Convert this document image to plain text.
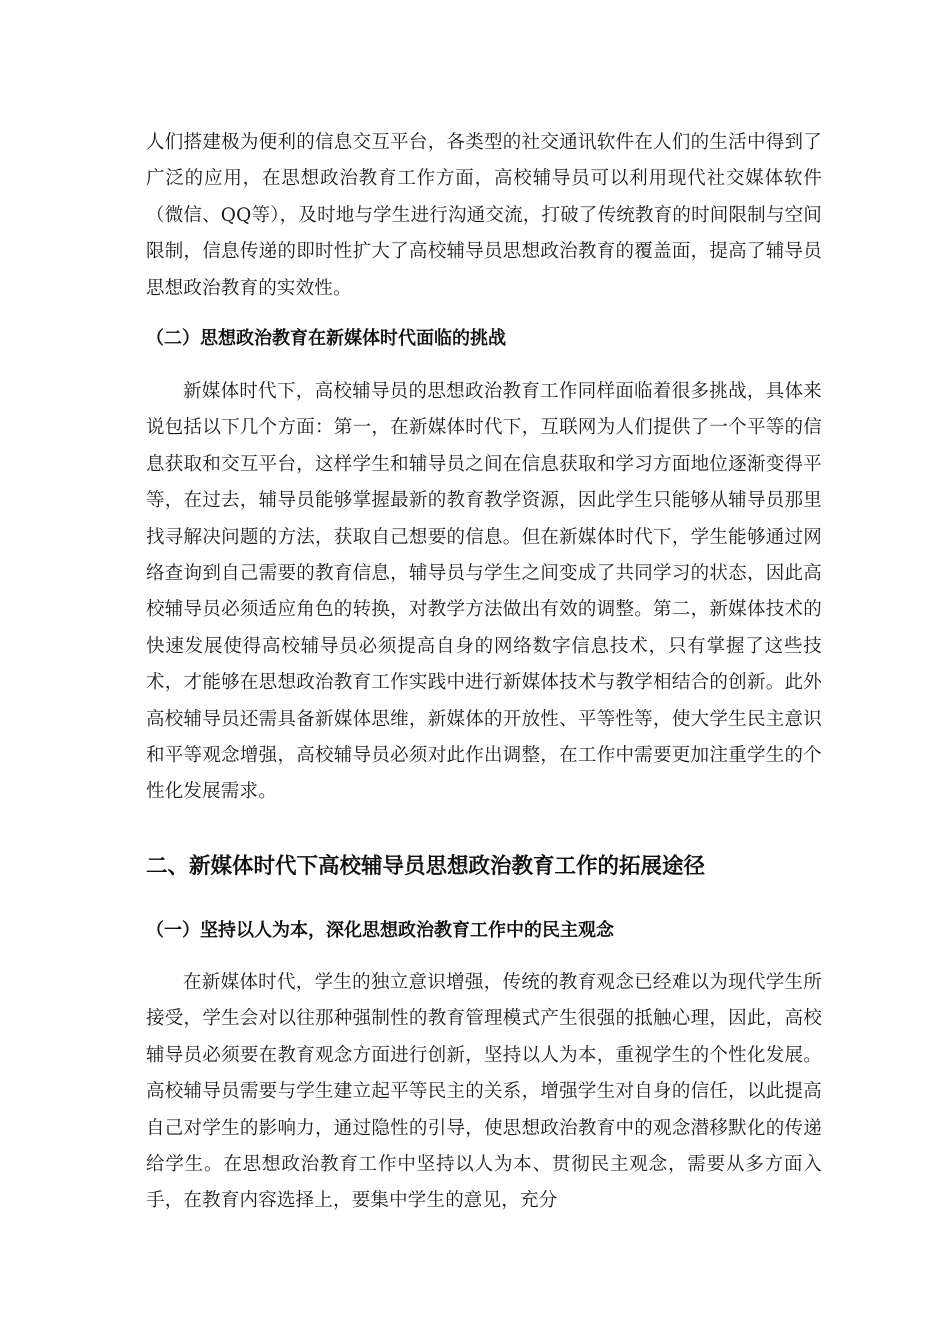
人们搭建极为便利的信息交互平台，各类型的社交通讯软件在人们的生活中得到了广泛的应用，在思想政治教育工作方面，高校辅导员可以利用现代社交媒体软件（微信、QQ等），及时地与学生进行沟通交流，打破了传统教育的时间限制与空间限制，信息传递的即时性扩大了高校辅导员思想政治教育的覆盖面，提高了辅导员思想政治教育的实效性。

（二）思想政治教育在新媒体时代面临的挑战

新媒体时代下，高校辅导员的思想政治教育工作同样面临着很多挑战，具体来说包括以下几个方面：第一，在新媒体时代下，互联网为人们提供了一个平等的信息获取和交互平台，这样学生和辅导员之间在信息获取和学习方面地位逐渐变得平等，在过去，辅导员能够掌握最新的教育教学资源，因此学生只能够从辅导员那里找寻解决问题的方法，获取自己想要的信息。但在新媒体时代下，学生能够通过网络查询到自己需要的教育信息，辅导员与学生之间变成了共同学习的状态，因此高校辅导员必须适应角色的转换，对教学方法做出有效的调整。第二，新媒体技术的快速发展使得高校辅导员必须提高自身的网络数字信息技术，只有掌握了这些技术，才能够在思想政治教育工作实践中进行新媒体技术与教学相结合的创新。此外高校辅导员还需具备新媒体思维，新媒体的开放性、平等性等，使大学生民主意识和平等观念增强，高校辅导员必须对此作出调整，在工作中需要更加注重学生的个性化发展需求。

二、新媒体时代下高校辅导员思想政治教育工作的拓展途径
（一）坚持以人为本，深化思想政治教育工作中的民主观念

在新媒体时代，学生的独立意识增强，传统的教育观念已经难以为现代学生所接受，学生会对以往那种强制性的教育管理模式产生很强的抵触心理，因此，高校辅导员必须要在教育观念方面进行创新，坚持以人为本，重视学生的个性化发展。高校辅导员需要与学生建立起平等民主的关系，增强学生对自身的信任，以此提高自己对学生的影响力，通过隐性的引导，使思想政治教育中的观念潜移默化的传递给学生。在思想政治教育工作中坚持以人为本、贯彻民主观念，需要从多方面入手，在教育内容选择上，要集中学生的意见，充分
